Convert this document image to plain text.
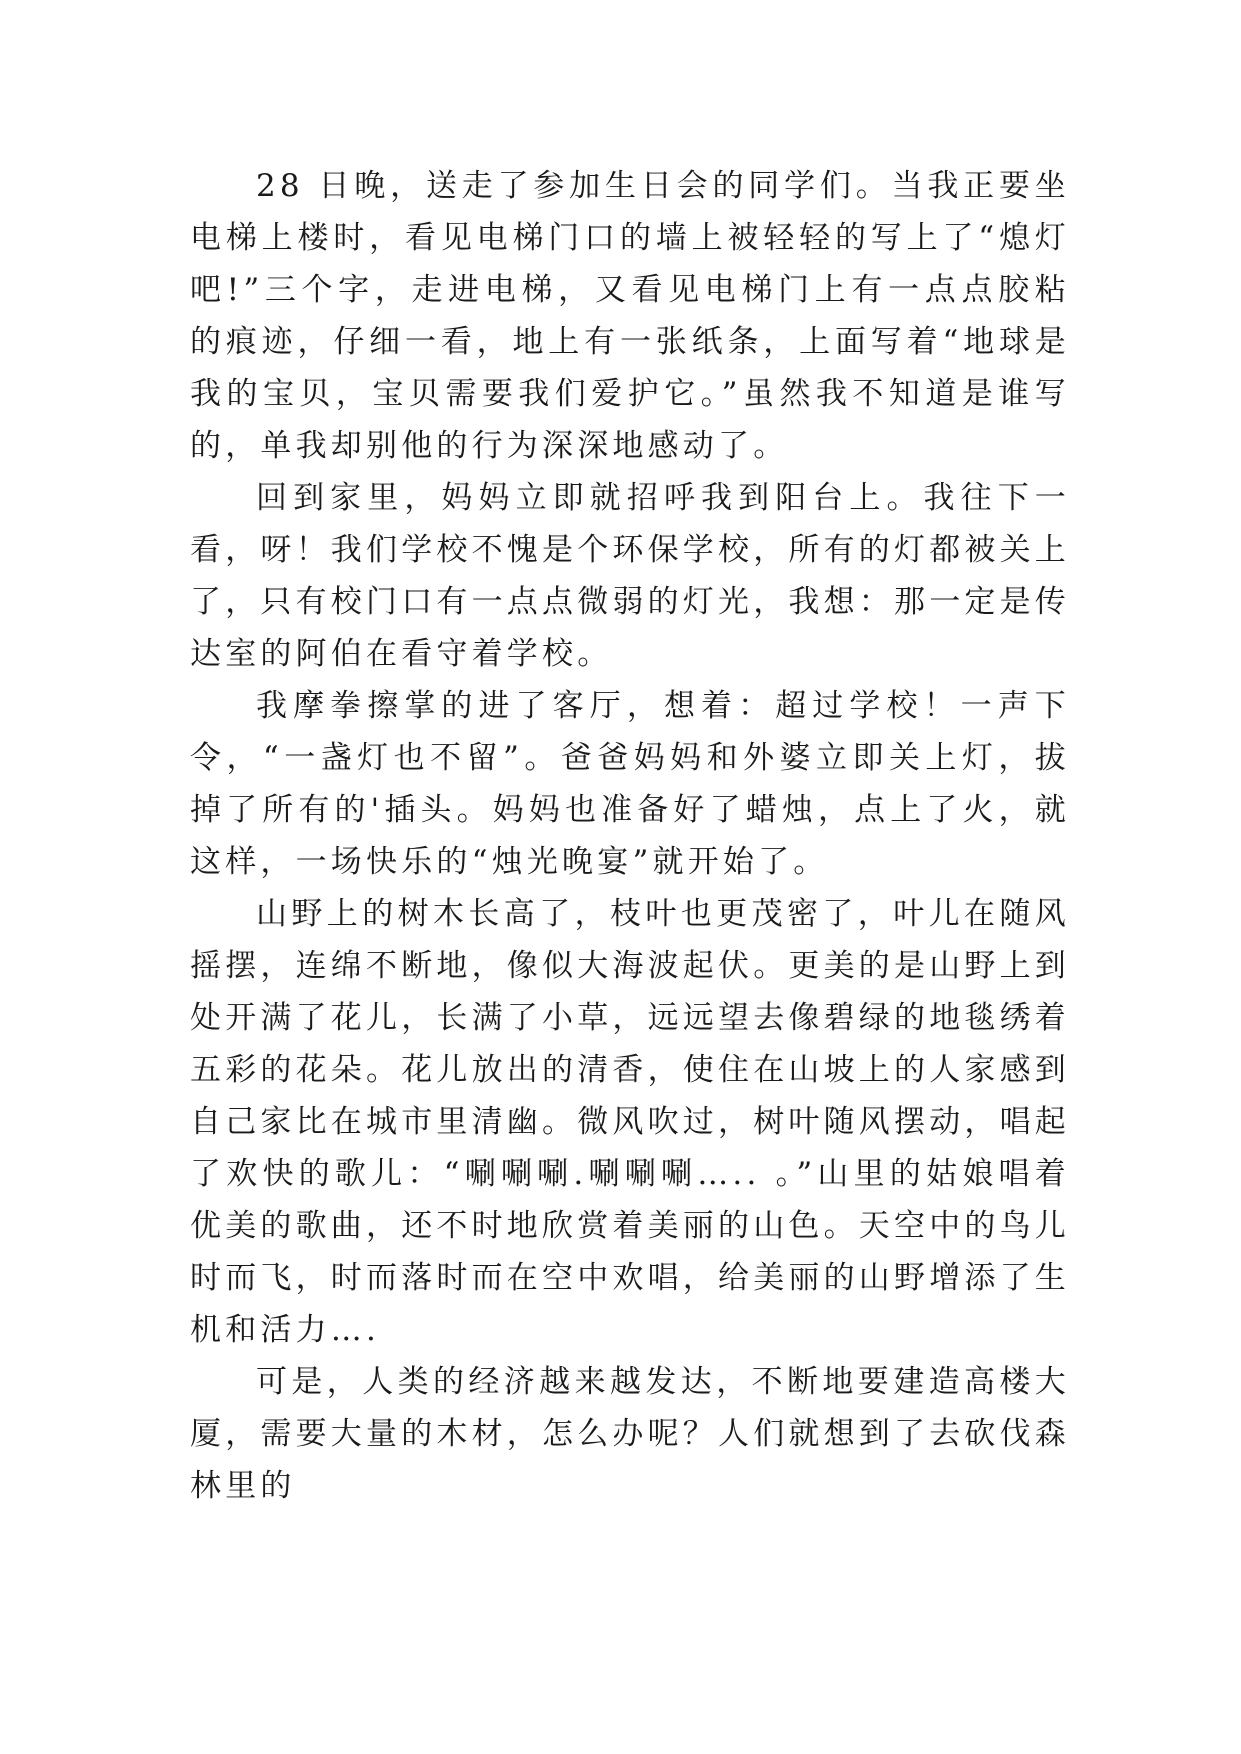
28 日晚，送走了参加生日会的同学们。当我正要坐电梯上楼时，看见电梯门口的墙上被轻轻的写上了“熄灯吧!”三个字，走进电梯，又看见电梯门上有一点点胶粘的痕迹，仔细一看，地上有一张纸条，上面写着“地球是我的宝贝，宝贝需要我们爱护它。”虽然我不知道是谁写的，单我却别他的行为深深地感动了。

回到家里，妈妈立即就招呼我到阳台上。我往下一看，呀！我们学校不愧是个环保学校，所有的灯都被关上了，只有校门口有一点点微弱的灯光，我想：那一定是传达室的阿伯在看守着学校。

我摩拳擦掌的进了客厅，想着：超过学校！一声下令，“一盏灯也不留”。爸爸妈妈和外婆立即关上灯，拔掉了所有的'插头。妈妈也准备好了蜡烛，点上了火，就这样，一场快乐的“烛光晚宴”就开始了。

山野上的树木长高了，枝叶也更茂密了，叶儿在随风摇摆，连绵不断地，像似大海波起伏。更美的是山野上到处开满了花儿，长满了小草，远远望去像碧绿的地毯绣着五彩的花朵。花儿放出的清香，使住在山坡上的人家感到自己家比在城市里清幽。微风吹过，树叶随风摆动，唱起了欢快的歌儿：“唰唰唰.唰唰唰….. 。”山里的姑娘唱着优美的歌曲，还不时地欣赏着美丽的山色。天空中的鸟儿时而飞，时而落时而在空中欢唱，给美丽的山野增添了生机和活力….

可是，人类的经济越来越发达，不断地要建造高楼大厦，需要大量的木材，怎么办呢？人们就想到了去砍伐森林里的
